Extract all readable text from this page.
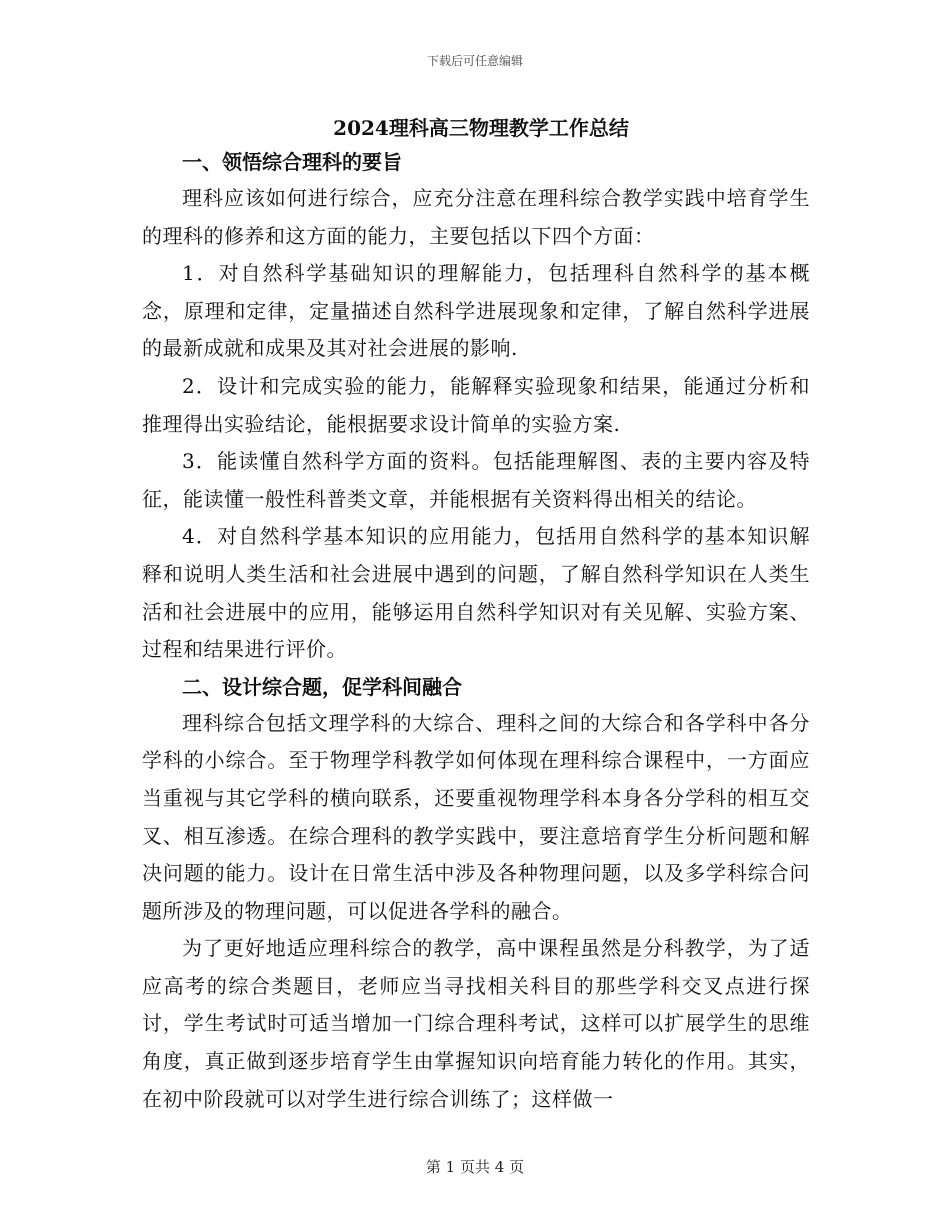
下载后可任意编辑
2024理科高三物理教学工作总结
一、领悟综合理科的要旨

理科应该如何进行综合，应充分注意在理科综合教学实践中培育学生的理科的修养和这方面的能力，主要包括以下四个方面：

1．对自然科学基础知识的理解能力，包括理科自然科学的基本概念，原理和定律，定量描述自然科学进展现象和定律，了解自然科学进展的最新成就和成果及其对社会进展的影响.

2．设计和完成实验的能力，能解释实验现象和结果，能通过分析和推理得出实验结论，能根据要求设计简单的实验方案.

3．能读懂自然科学方面的资料。包括能理解图、表的主要内容及特征，能读懂一般性科普类文章，并能根据有关资料得出相关的结论。

4．对自然科学基本知识的应用能力，包括用自然科学的基本知识解释和说明人类生活和社会进展中遇到的问题，了解自然科学知识在人类生活和社会进展中的应用，能够运用自然科学知识对有关见解、实验方案、过程和结果进行评价。

二、设计综合题，促学科间融合

理科综合包括文理学科的大综合、理科之间的大综合和各学科中各分学科的小综合。至于物理学科教学如何体现在理科综合课程中，一方面应当重视与其它学科的横向联系，还要重视物理学科本身各分学科的相互交叉、相互渗透。在综合理科的教学实践中，要注意培育学生分析问题和解决问题的能力。设计在日常生活中涉及各种物理问题，以及多学科综合问题所涉及的物理问题，可以促进各学科的融合。

为了更好地适应理科综合的教学，高中课程虽然是分科教学，为了适应高考的综合类题目，老师应当寻找相关科目的那些学科交叉点进行探讨，学生考试时可适当增加一门综合理科考试，这样可以扩展学生的思维角度，真正做到逐步培育学生由掌握知识向培育能力转化的作用。其实，在初中阶段就可以对学生进行综合训练了；这样做一

第 1 页共 4 页
